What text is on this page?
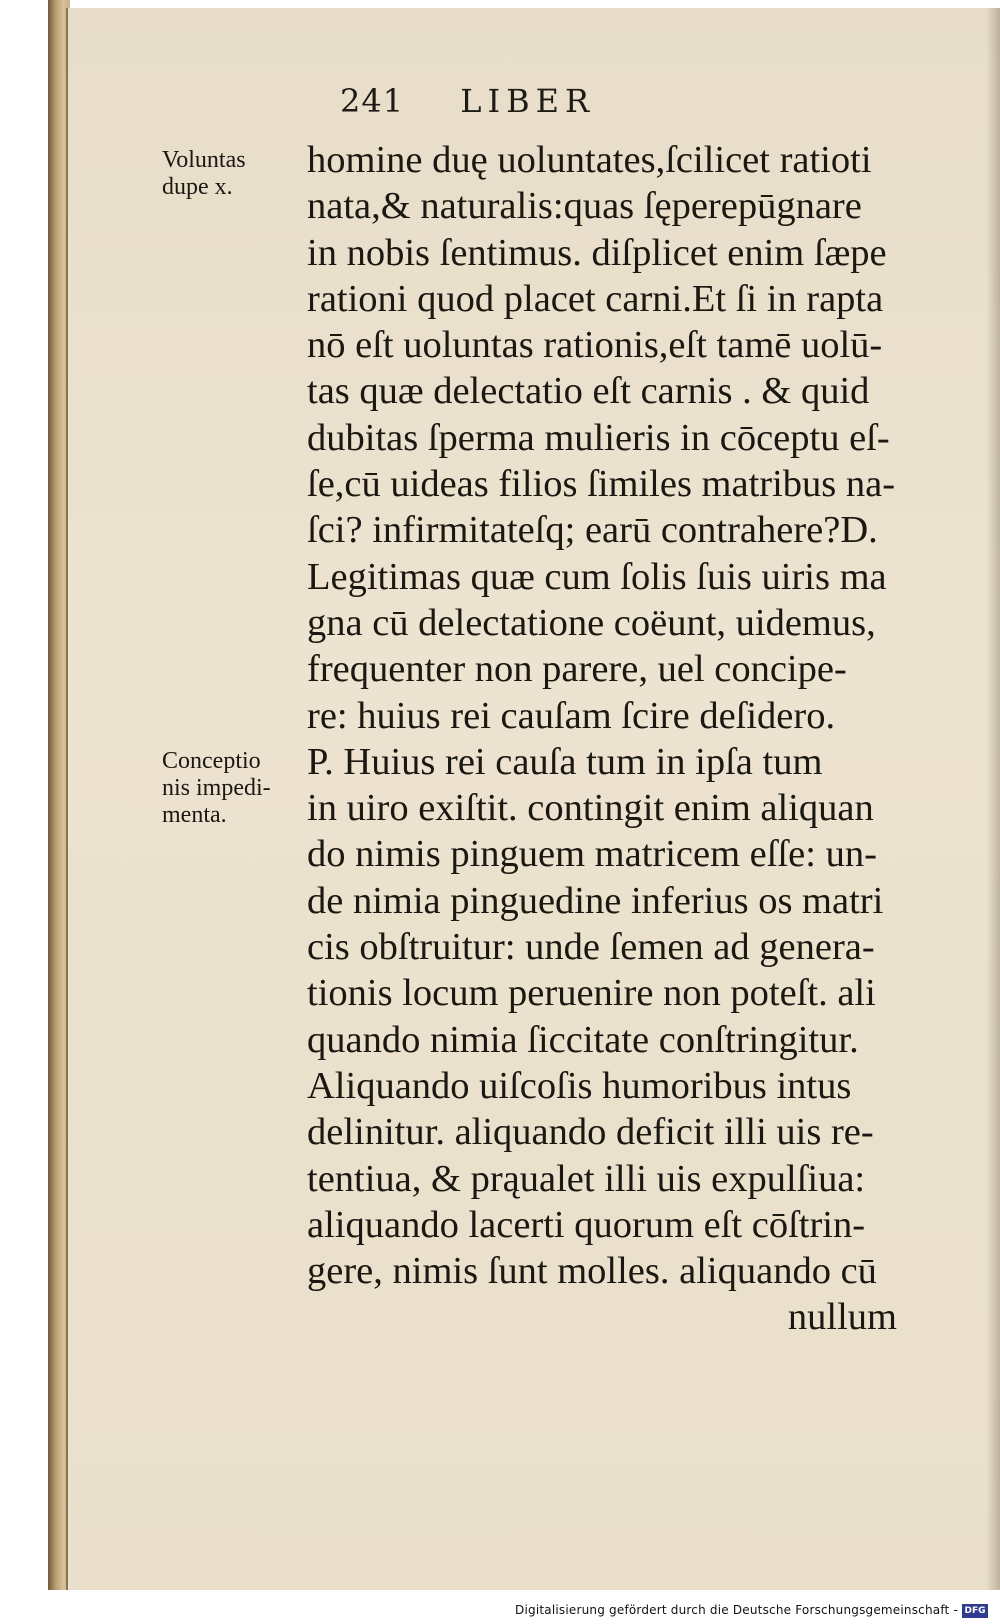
241 LIBER
Voluntas
dupe x.
Conceptio
nis impedi-
menta.
homine duę uoluntates,ſcilicet ratioti
nata,& naturalis:quas ſęperepūgnare
in nobis ſentimus. diſplicet enim ſæpe
rationi quod placet carni.Et ſi in rapta
nō eſt uoluntas rationis,eſt tamē uolū-
tas quæ delectatio eſt carnis . & quid
dubitas ſperma mulieris in cōceptu eſ-
ſe,cū uideas filios ſimiles matribus na-
ſci? infirmitateſq; earū contrahere?D.
Legitimas quæ cum ſolis ſuis uiris ma
gna cū delectatione coëunt, uidemus,
frequenter non parere, uel concipe-
re: huius rei cauſam ſcire deſidero.
P. Huius rei cauſa tum in ipſa tum
in uiro exiſtit. contingit enim aliquan
do nimis pinguem matricem eſſe: un-
de nimia pinguedine inferius os matri
cis obſtruitur: unde ſemen ad genera-
tionis locum peruenire non poteſt. ali
quando nimia ſiccitate conſtringitur.
Aliquando uiſcoſis humoribus intus
delinitur. aliquando deficit illi uis re-
tentiua, & prąualet illi uis expulſiua:
aliquando lacerti quorum eſt cōſtrin-
gere, nimis ſunt molles. aliquando cū
nullum
Digitalisierung gefördert durch die Deutsche Forschungsgemeinschaft - DFG
